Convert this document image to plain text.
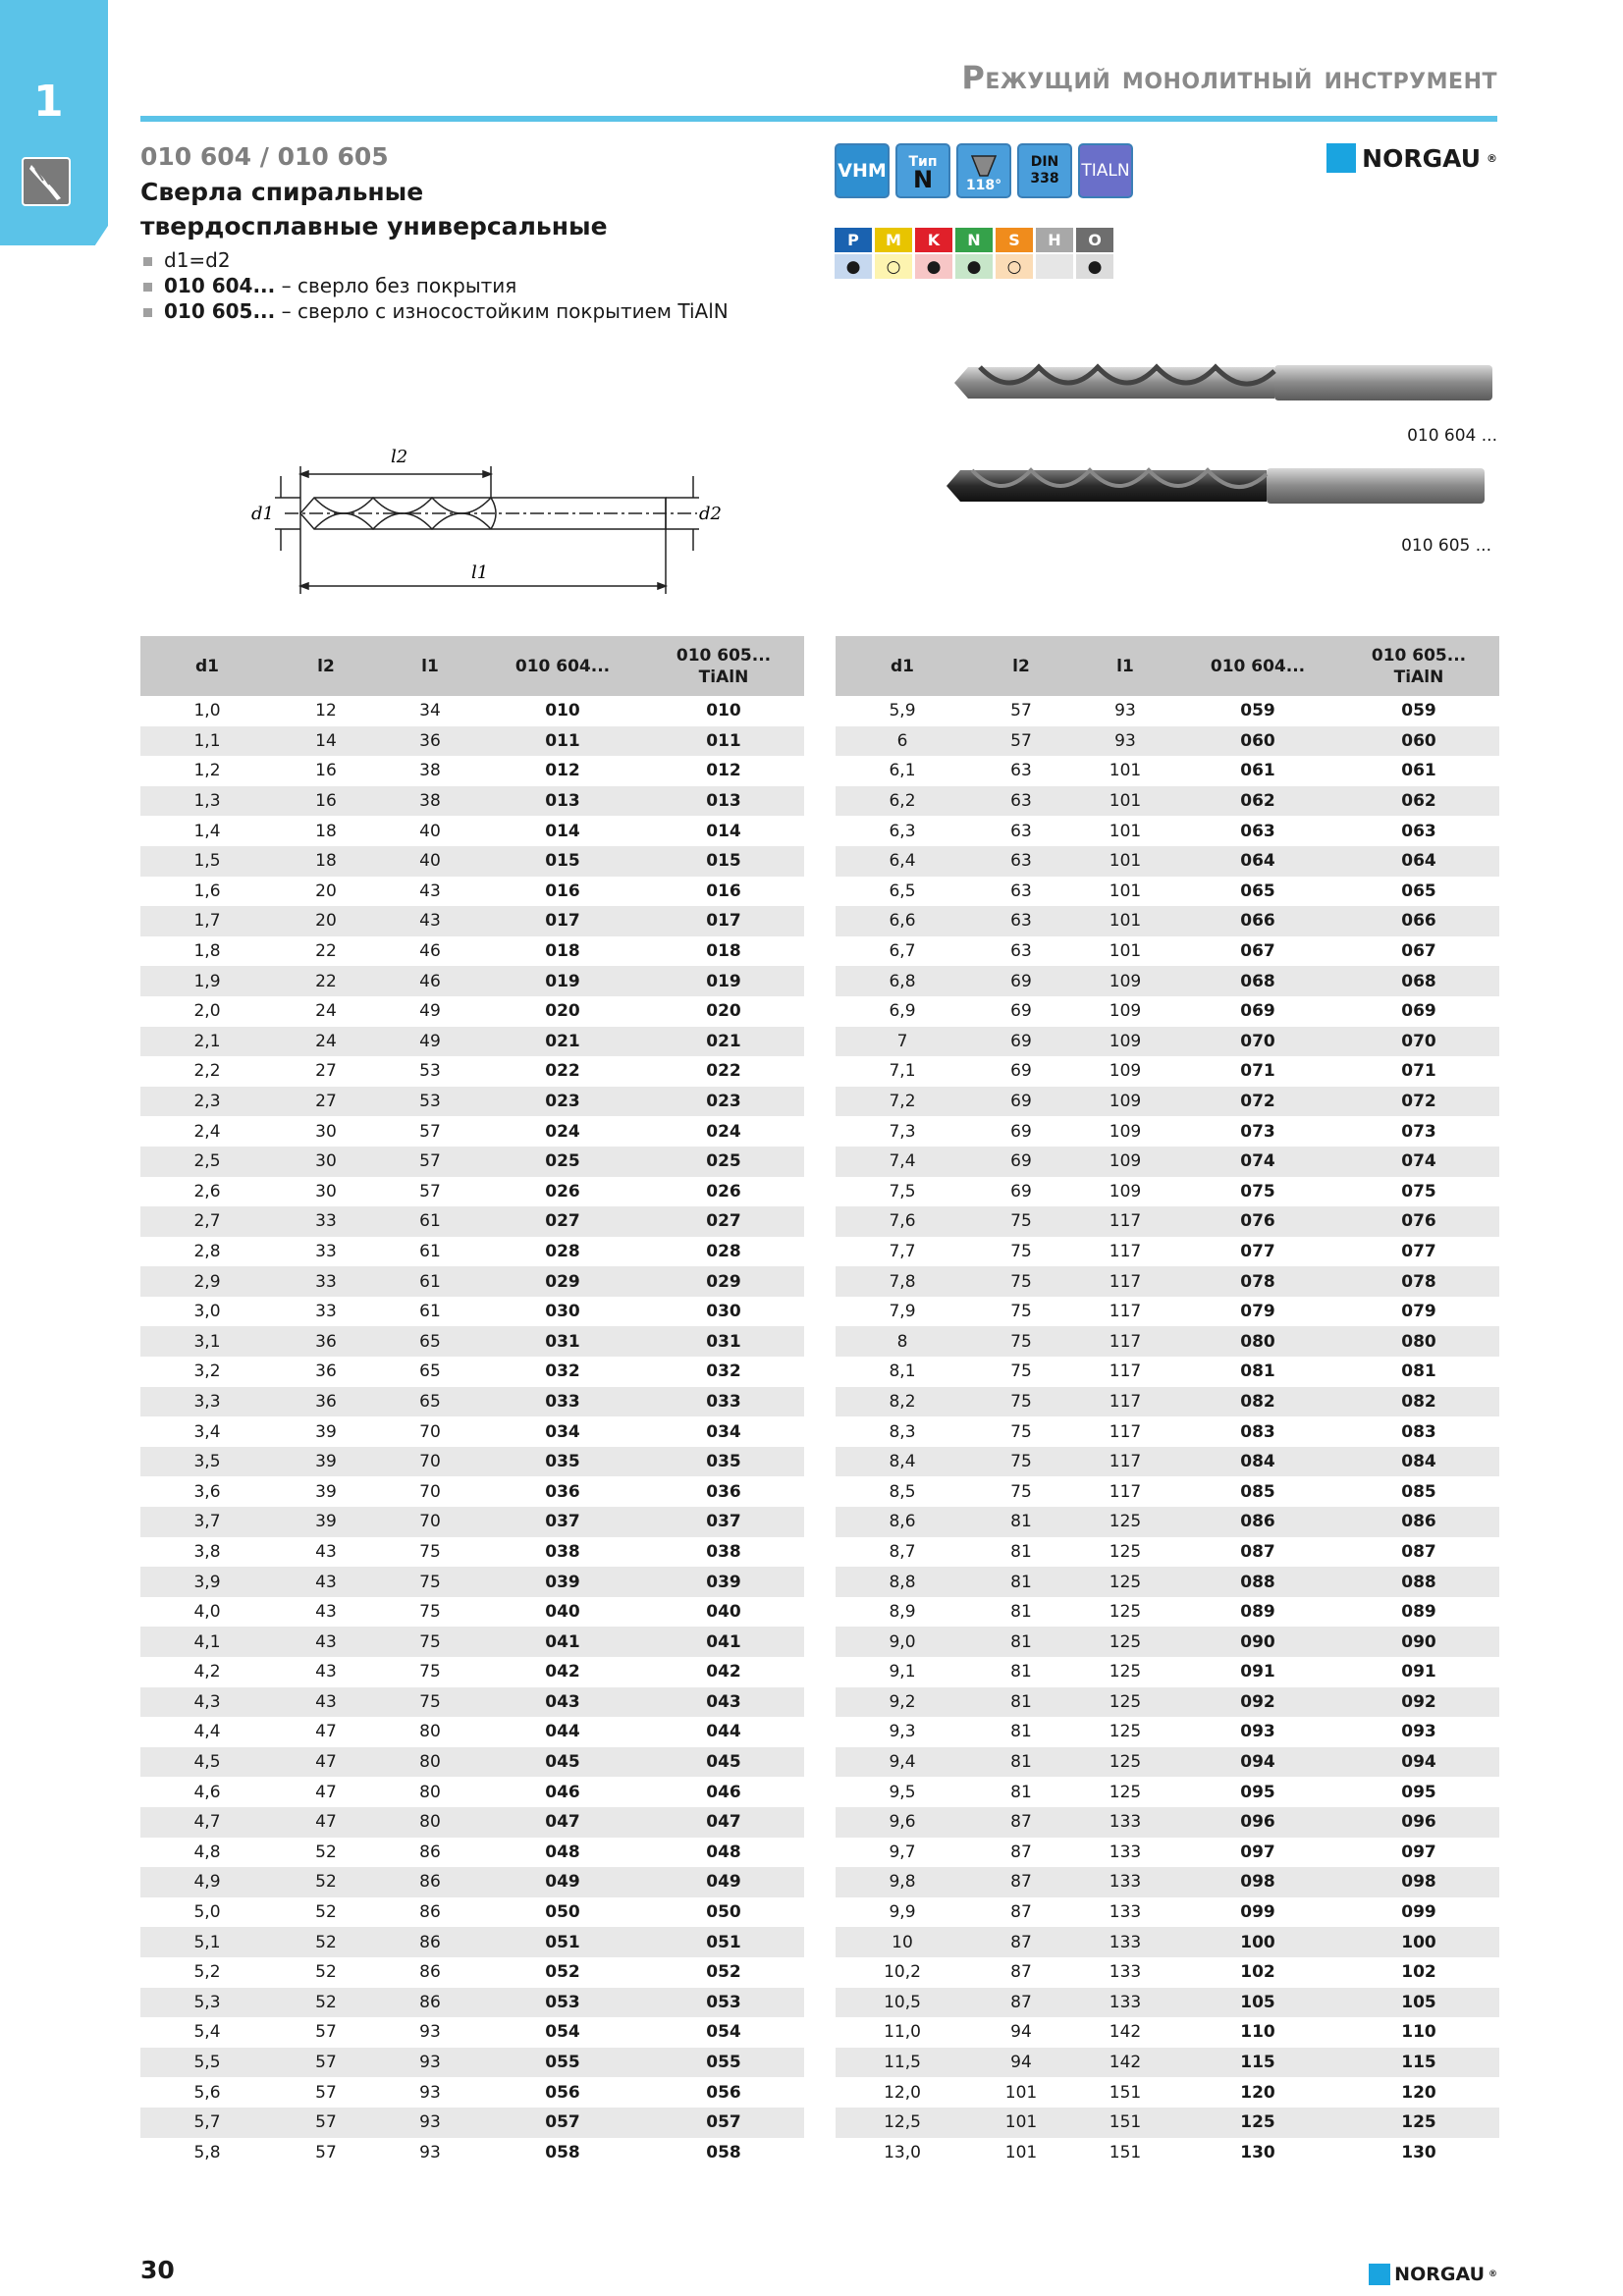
1	Режущий монолитный инструмент
010 604 / 010 605
Сверла спиральные твердосплавные универсальные
d1=d2
010 604... – сверло без покрытия
010 605... – сверло с износостойким покрытием TiAlN
VHM Тип
N 118°
DIN
338 TIALN	NORGAU ®
P
●
M
○
K
●
N
●
S
○
H	O
●
010 604 ...
010 605 ...
l2
l1
d1	d2
d1	l2	l1	010 604...	010 605...
TiAlN
1,0	12	34	010	010
1,1	14	36	011	011
1,2	16	38	012	012
1,3	16	38	013	013
1,4	18	40	014	014
1,5	18	40	015	015
1,6	20	43	016	016
1,7	20	43	017	017
1,8	22	46	018	018
1,9	22	46	019	019
2,0	24	49	020	020
2,1	24	49	021	021
2,2	27	53	022	022
2,3	27	53	023	023
2,4	30	57	024	024
2,5	30	57	025	025
2,6	30	57	026	026
2,7	33	61	027	027
2,8	33	61	028	028
2,9	33	61	029	029
3,0	33	61	030	030
3,1	36	65	031	031
3,2	36	65	032	032
3,3	36	65	033	033
3,4	39	70	034	034
3,5	39	70	035	035
3,6	39	70	036	036
3,7	39	70	037	037
3,8	43	75	038	038
3,9	43	75	039	039
4,0	43	75	040	040
4,1	43	75	041	041
4,2	43	75	042	042
4,3	43	75	043	043
4,4	47	80	044	044
4,5	47	80	045	045
4,6	47	80	046	046
4,7	47	80	047	047
4,8	52	86	048	048
4,9	52	86	049	049
5,0	52	86	050	050
5,1	52	86	051	051
5,2	52	86	052	052
5,3	52	86	053	053
5,4	57	93	054	054
5,5	57	93	055	055
5,6	57	93	056	056
5,7	57	93	057	057
5,8	57	93	058	058
d1	l2	l1	010 604...	010 605...
TiAlN
5,9	57	93	059	059
6	57	93	060	060
6,1	63	101	061	061
6,2	63	101	062	062
6,3	63	101	063	063
6,4	63	101	064	064
6,5	63	101	065	065
6,6	63	101	066	066
6,7	63	101	067	067
6,8	69	109	068	068
6,9	69	109	069	069
7	69	109	070	070
7,1	69	109	071	071
7,2	69	109	072	072
7,3	69	109	073	073
7,4	69	109	074	074
7,5	69	109	075	075
7,6	75	117	076	076
7,7	75	117	077	077
7,8	75	117	078	078
7,9	75	117	079	079
8	75	117	080	080
8,1	75	117	081	081
8,2	75	117	082	082
8,3	75	117	083	083
8,4	75	117	084	084
8,5	75	117	085	085
8,6	81	125	086	086
8,7	81	125	087	087
8,8	81	125	088	088
8,9	81	125	089	089
9,0	81	125	090	090
9,1	81	125	091	091
9,2	81	125	092	092
9,3	81	125	093	093
9,4	81	125	094	094
9,5	81	125	095	095
9,6	87	133	096	096
9,7	87	133	097	097
9,8	87	133	098	098
9,9	87	133	099	099
10	87	133	100	100
10,2	87	133	102	102
10,5	87	133	105	105
11,0	94	142	110	110
11,5	94	142	115	115
12,0	101	151	120	120
12,5	101	151	125	125
13,0	101	151	130	130
30	NORGAU ®
